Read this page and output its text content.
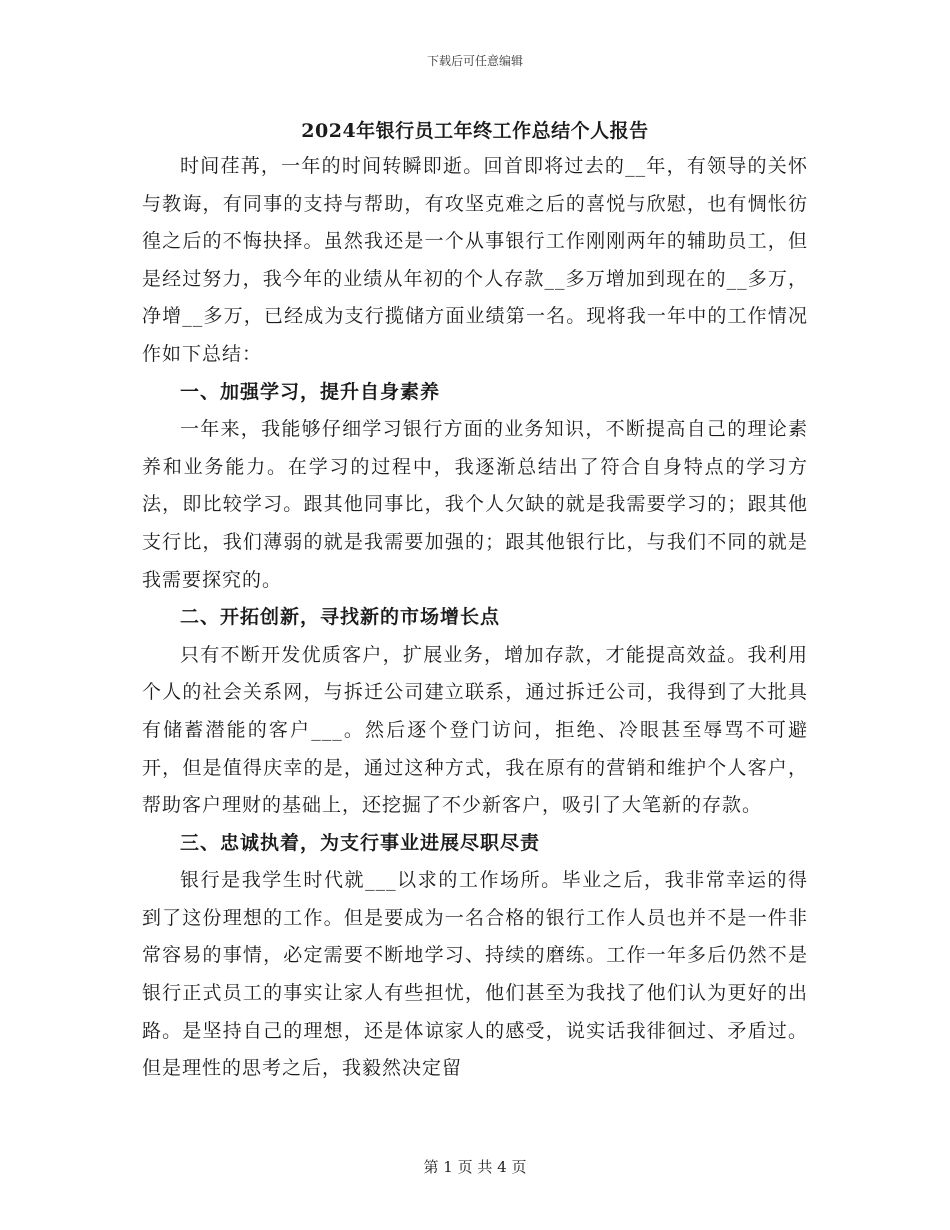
下载后可任意编辑
2024年银行员工年终工作总结个人报告

时间荏苒，一年的时间转瞬即逝。回首即将过去的__年，有领导的关怀与教诲，有同事的支持与帮助，有攻坚克难之后的喜悦与欣慰，也有惆怅彷徨之后的不悔抉择。虽然我还是一个从事银行工作刚刚两年的辅助员工，但是经过努力，我今年的业绩从年初的个人存款__多万增加到现在的__多万，净增__多万，已经成为支行揽储方面业绩第一名。现将我一年中的工作情况作如下总结：

一、加强学习，提升自身素养

一年来，我能够仔细学习银行方面的业务知识，不断提高自己的理论素养和业务能力。在学习的过程中，我逐渐总结出了符合自身特点的学习方法，即比较学习。跟其他同事比，我个人欠缺的就是我需要学习的；跟其他支行比，我们薄弱的就是我需要加强的；跟其他银行比，与我们不同的就是我需要探究的。

二、开拓创新，寻找新的市场增长点

只有不断开发优质客户，扩展业务，增加存款，才能提高效益。我利用个人的社会关系网，与拆迁公司建立联系，通过拆迁公司，我得到了大批具有储蓄潜能的客户___。然后逐个登门访问，拒绝、冷眼甚至辱骂不可避开，但是值得庆幸的是，通过这种方式，我在原有的营销和维护个人客户，帮助客户理财的基础上，还挖掘了不少新客户，吸引了大笔新的存款。

三、忠诚执着，为支行事业进展尽职尽责

银行是我学生时代就___以求的工作场所。毕业之后，我非常幸运的得到了这份理想的工作。但是要成为一名合格的银行工作人员也并不是一件非常容易的事情，必定需要不断地学习、持续的磨练。工作一年多后仍然不是银行正式员工的事实让家人有些担忧，他们甚至为我找了他们认为更好的出路。是坚持自己的理想，还是体谅家人的感受，说实话我徘徊过、矛盾过。但是理性的思考之后，我毅然决定留

第 1 页 共 4 页
